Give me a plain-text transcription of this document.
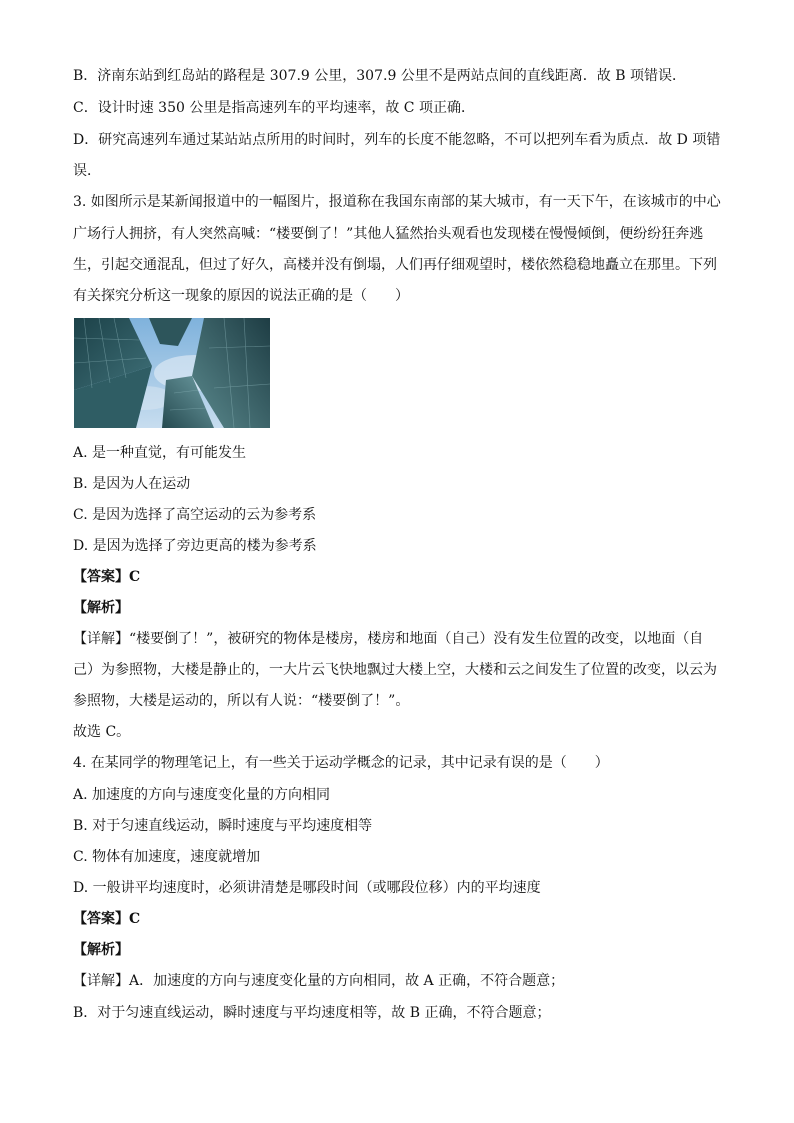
B．济南东站到红岛站的路程是 307.9 公里，307.9 公里不是两站点间的直线距离．故 B 项错误．
C．设计时速 350 公里是指高速列车的平均速率，故 C 项正确．
D．研究高速列车通过某站站点所用的时间时，列车的长度不能忽略，不可以把列车看为质点．故 D 项错
误．
3. 如图所示是某新闻报道中的一幅图片，报道称在我国东南部的某大城市，有一天下午，在该城市的中心
广场行人拥挤，有人突然高喊：“楼要倒了！”其他人猛然抬头观看也发现楼在慢慢倾倒，便纷纷狂奔逃
生，引起交通混乱，但过了好久，高楼并没有倒塌，人们再仔细观望时，楼依然稳稳地矗立在那里。下列
有关探究分析这一现象的原因的说法正确的是（　　）
A. 是一种直觉，有可能发生
B. 是因为人在运动
C. 是因为选择了高空运动的云为参考系
D. 是因为选择了旁边更高的楼为参考系
【答案】C
【解析】
【详解】“楼要倒了！”，被研究的物体是楼房，楼房和地面（自己）没有发生位置的改变，以地面（自
己）为参照物，大楼是静止的，一大片云飞快地飘过大楼上空，大楼和云之间发生了位置的改变，以云为
参照物，大楼是运动的，所以有人说：“楼要倒了！”。
故选 C。
4. 在某同学的物理笔记上，有一些关于运动学概念的记录，其中记录有误的是（　　）
A. 加速度的方向与速度变化量的方向相同
B. 对于匀速直线运动，瞬时速度与平均速度相等
C. 物体有加速度，速度就增加
D. 一般讲平均速度时，必须讲清楚是哪段时间（或哪段位移）内的平均速度
【答案】C
【解析】
【详解】A．加速度的方向与速度变化量的方向相同，故 A 正确，不符合题意；
B．对于匀速直线运动，瞬时速度与平均速度相等，故 B 正确，不符合题意；
